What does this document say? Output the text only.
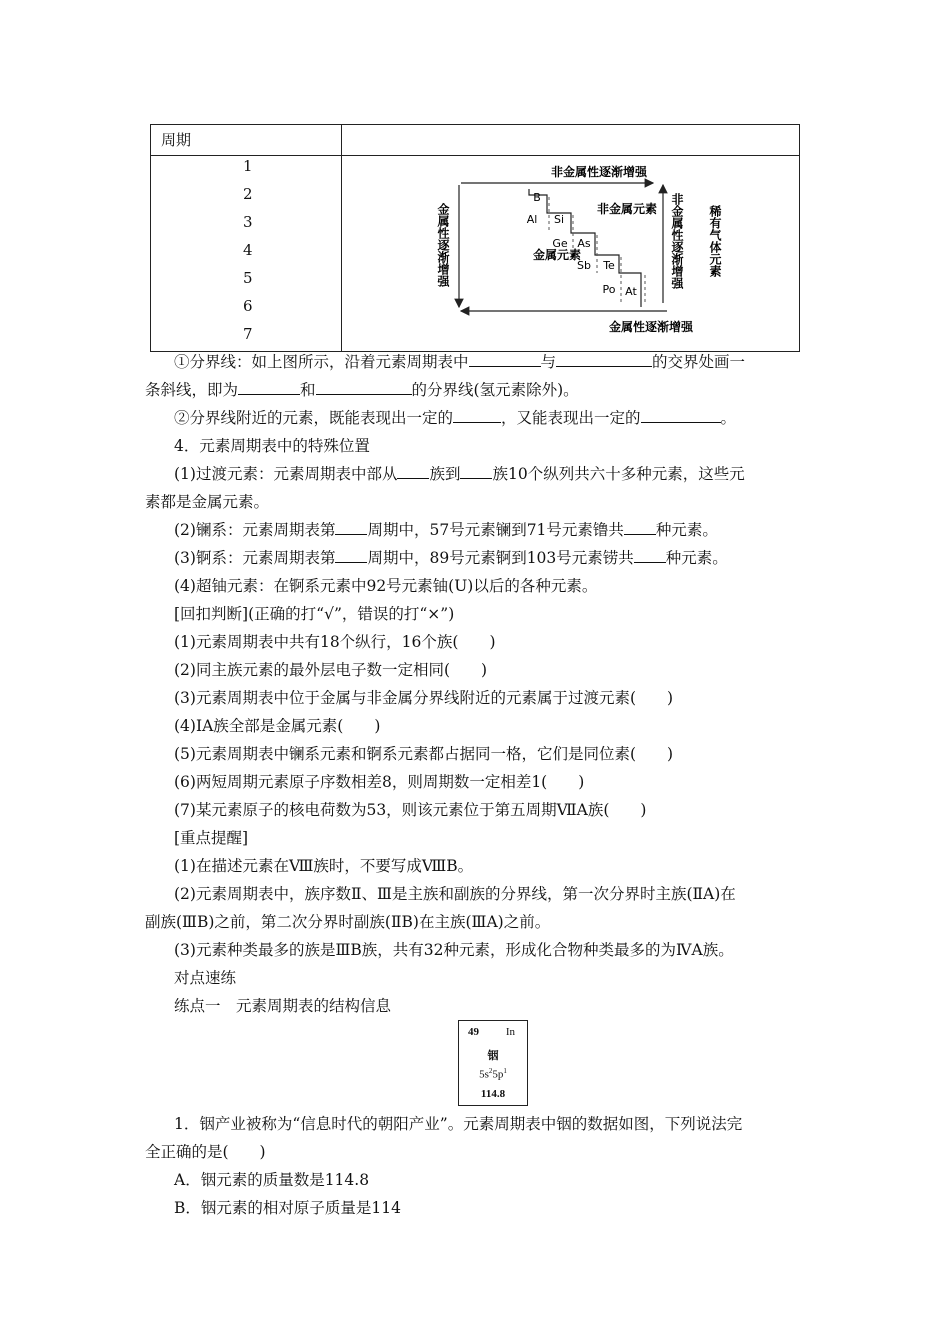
周期
1
2
3
4
5
6
7
非金属性逐渐增强
金属性逐渐增强
金属性逐渐增强	非金属性逐渐增强 稀有气体元素
非金属元素
金属元素
B
Al Si
Ge As
Sb Te
Po At
①分界线：如上图所示，沿着元素周期表中	与	的交界处画一
条斜线，即为	和	的分界线(氢元素除外)。
②分界线附近的元素，既能表现出一定的	，又能表现出一定的	。
4．元素周期表中的特殊位置
(1)过渡元素：元素周期表中部从 族到 族10个纵列共六十多种元素，这些元
素都是金属元素。
(2)镧系：元素周期表第 周期中，57号元素镧到71号元素镥共 种元素。
(3)锕系：元素周期表第 周期中，89号元素锕到103号元素铹共 种元素。
(4)超铀元素：在锕系元素中92号元素铀(U)以后的各种元素。
[回扣判断](正确的打“√”，错误的打“×”)
(1)元素周期表中共有18个纵行，16个族(　　)
(2)同主族元素的最外层电子数一定相同(　　)
(3)元素周期表中位于金属与非金属分界线附近的元素属于过渡元素(　　)
(4)ⅠA族全部是金属元素(　　)
(5)元素周期表中镧系元素和锕系元素都占据同一格，它们是同位素(　　)
(6)两短周期元素原子序数相差8，则周期数一定相差1(　　)
(7)某元素原子的核电荷数为53，则该元素位于第五周期ⅦA族(　　)
[重点提醒]
(1)在描述元素在Ⅷ族时，不要写成ⅧB。
(2)元素周期表中，族序数Ⅱ、Ⅲ是主族和副族的分界线，第一次分界时主族(ⅡA)在
副族(ⅢB)之前，第二次分界时副族(ⅡB)在主族(ⅢA)之前。
(3)元素种类最多的族是ⅢB族，共有32种元素，形成化合物种类最多的为ⅣA族。
对点速练
练点一　元素周期表的结构信息
49 In
铟
$5s^25p^1$
114.8
1．铟产业被称为“信息时代的朝阳产业”。元素周期表中铟的数据如图，下列说法完
全正确的是(　　)
A．铟元素的质量数是114.8
B．铟元素的相对原子质量是114
